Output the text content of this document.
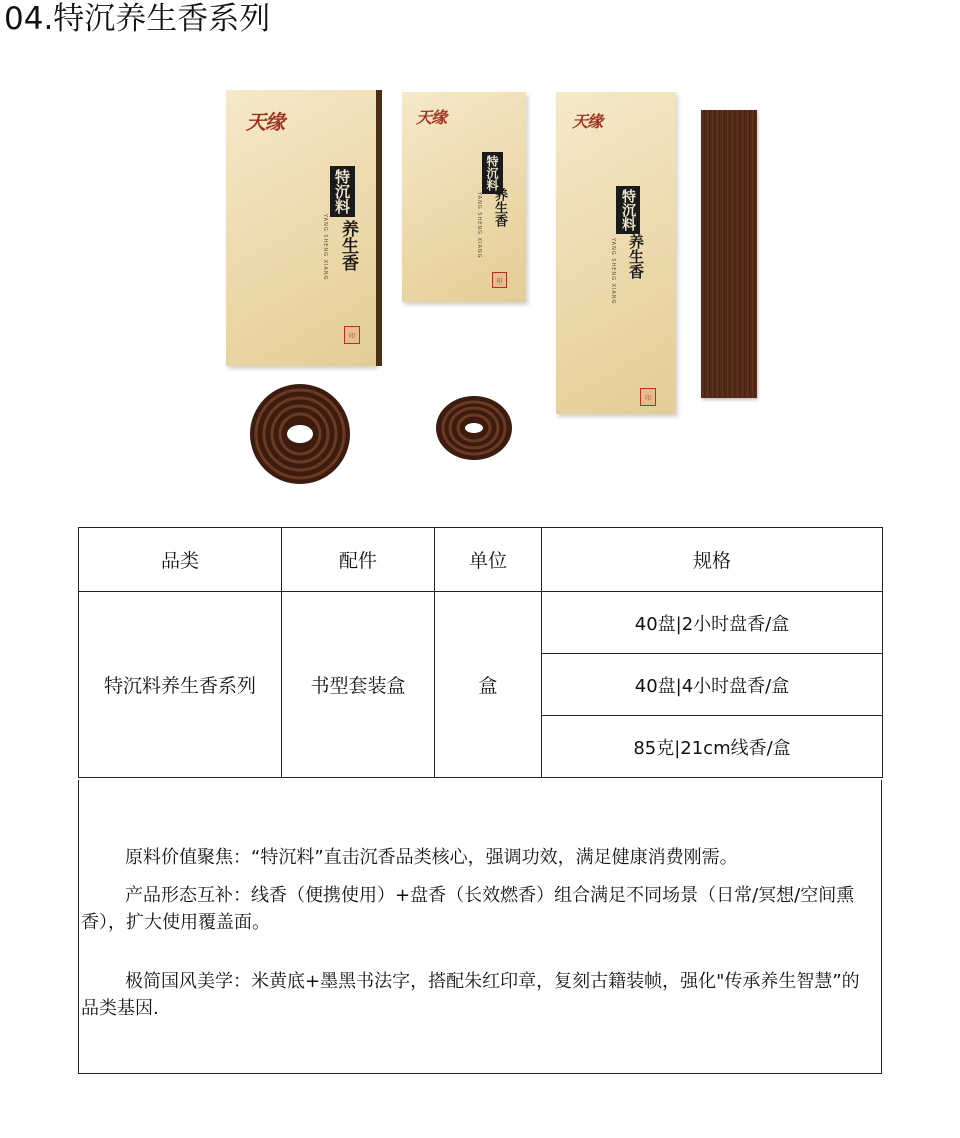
04.特沉养生香系列
天缘
特沉料
YANG SHENG XIANG 养生香
印
天缘
特沉料
YANG SHENG XIANG 养生香
印
天缘
特沉料
YANG SHENG XIANG 养生香
印
品类	配件	单位	规格
特沉料养生香系列	书型套装盒	盒	40盘|2小时盘香/盒
			40盘|4小时盘香/盒
			85克|21cm线香/盒
原料价值聚焦：“特沉料”直击沉香品类核心，强调功效，满足健康消费刚需。
产品形态互补：线香（便携使用）+盘香（长效燃香）组合满足不同场景（日常/冥想/空间熏香），扩大使用覆盖面。
极简国风美学：米黄底+墨黑书法字，搭配朱红印章，复刻古籍装帧，强化"传承养生智慧”的品类基因.
